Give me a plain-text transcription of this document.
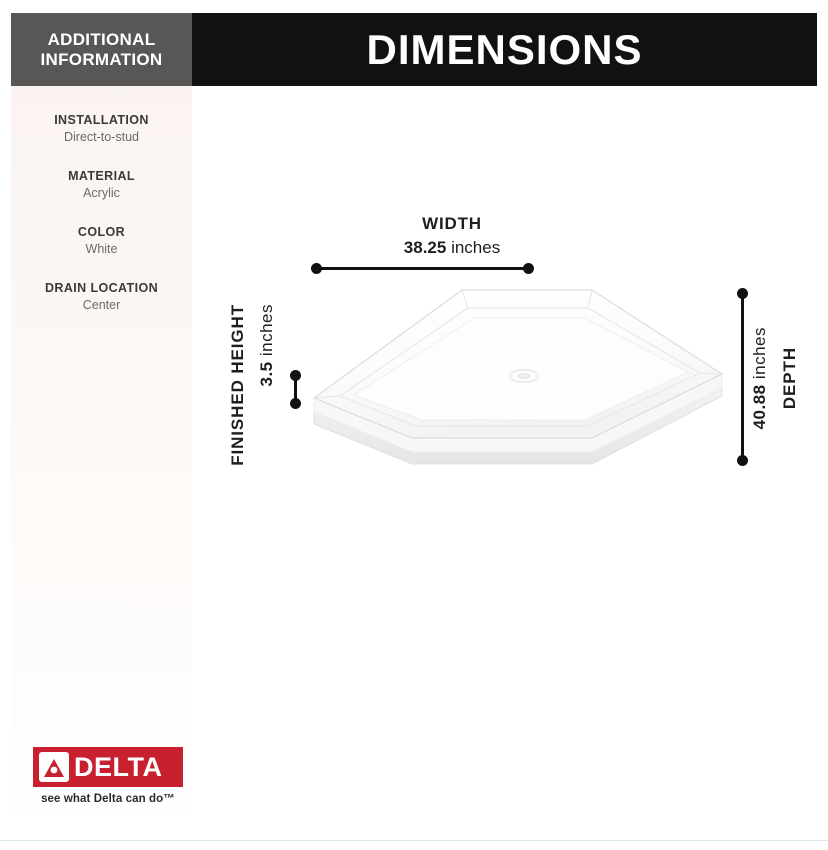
ADDITIONAL
INFORMATION
INSTALLATION
Direct-to-stud
MATERIAL
Acrylic
COLOR
White
DRAIN LOCATION
Center
DELTA
see what Delta can do™
DIMENSIONS
WIDTH
38.25 inches
40.88 inches DEPTH
FINISHED HEIGHT 3.5 inches
